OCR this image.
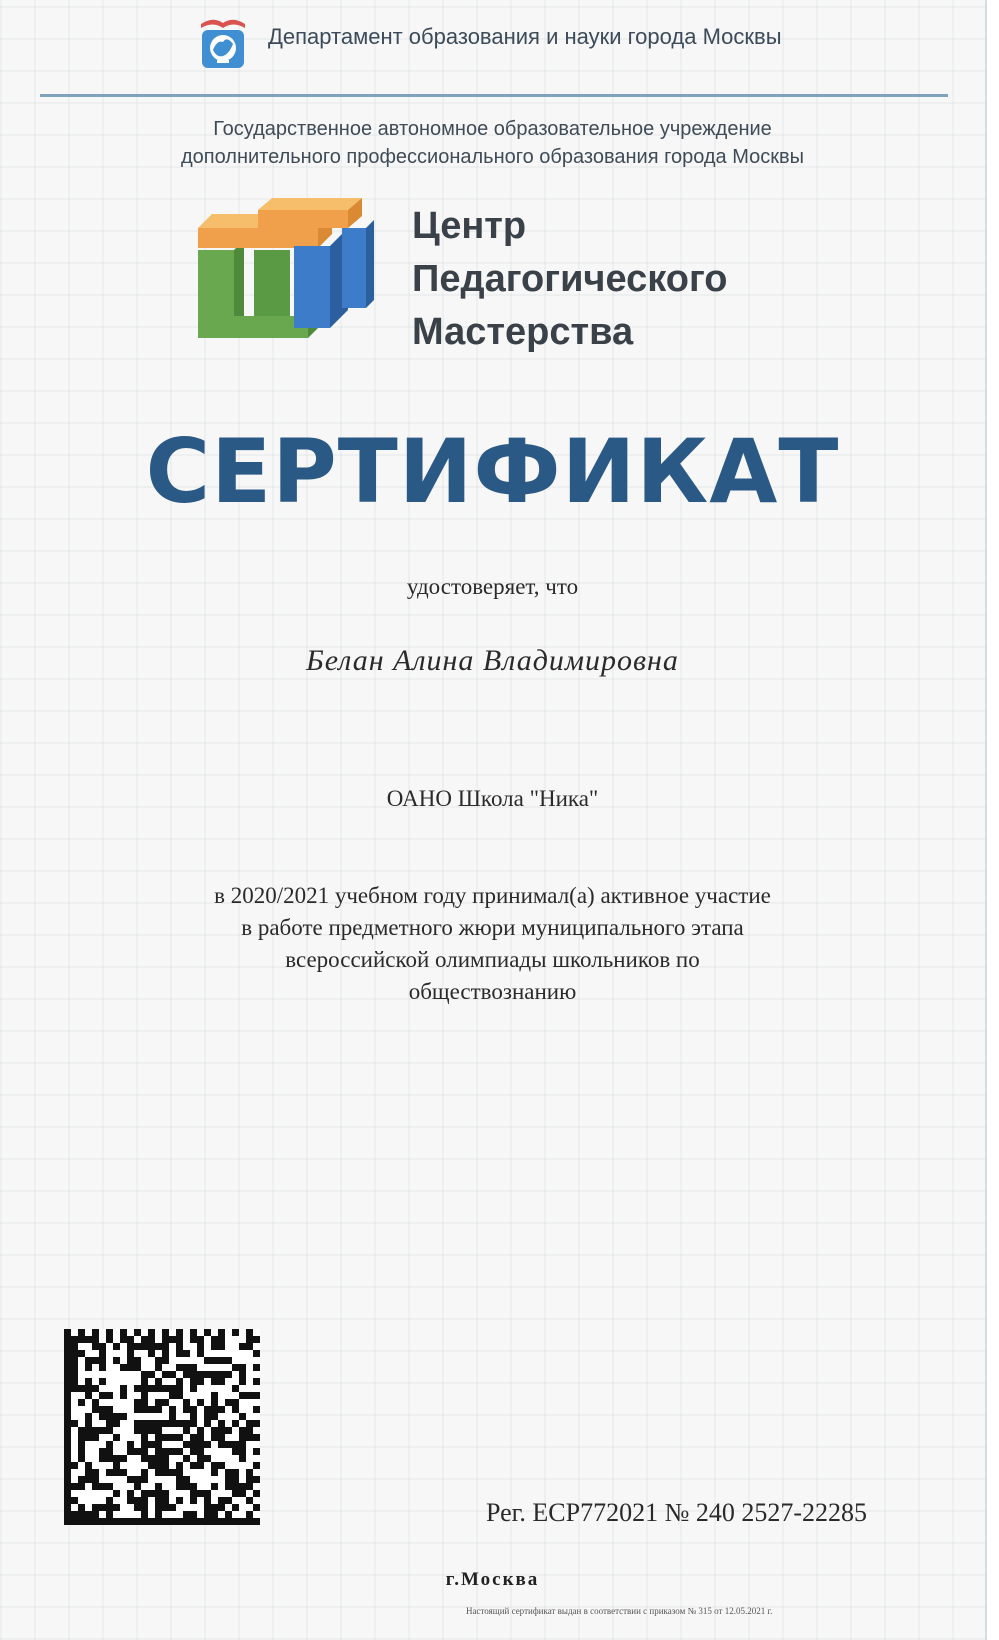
Департамент образования и науки города Москвы
Государственное автономное образовательное учреждение
дополнительного профессионального образования города Москвы
Центр
Педагогического
Мастерства
СЕРТИФИКАТ
удостоверяет, что
Белан Алина Владимировна
ОАНО Школа "Ника"
в 2020/2021 учебном году принимал(а) активное участие
в работе предметного жюри муниципального этапа
всероссийской олимпиады школьников по
обществознанию
Рег. ЕСР772021 № 240 2527-22285
г.Москва
Настоящий сертификат выдан в соответствии с приказом № 315 от 12.05.2021 г.
